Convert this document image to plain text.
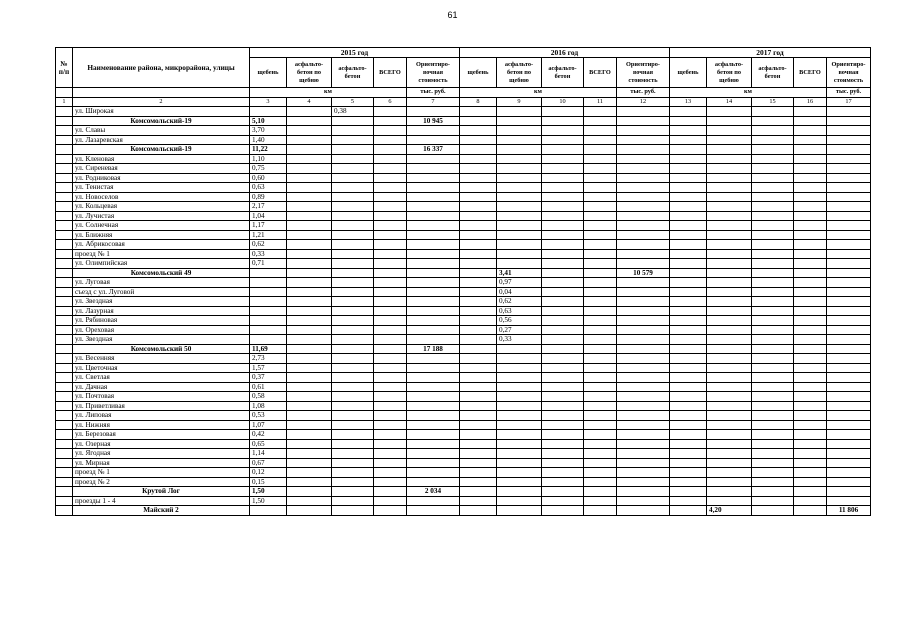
61
№ п/п	Наименование района, микрорайона, улицы	2015 год					2016 год					2017 год				
		щебень	асфальто-бетон по щебню	асфальто-бетон	ВСЕГО	Ориентиро-вочная стоимость	щебень	асфальто-бетон по щебню	асфальто-бетон	ВСЕГО	Ориентиро-вочная стоимость	щебень	асфальто-бетон по щебню	асфальто-бетон	ВСЕГО	Ориентиро-вочная стоимость
		км				тыс. руб.	км				тыс. руб.	км				тыс. руб.
1	2	3	4	5	6	7	8	9	10	11	12	13	14	15	16	17
	ул. Широкая			0,38												
	Комсомольский-19	5,10				10 945										
	ул. Славы	3,70														
	ул. Лазаревская	1,40														
	Комсомольский-19	11,22				16 337										
	ул. Кленовая	1,10														
	ул. Сиреневая	0,75														
	ул. Родниковая	0,60														
	ул. Тенистая	0,63														
	ул. Новоселов	0,89														
	ул. Кольцевая	2,17														
	ул. Лучистая	1,04														
	ул. Солнечная	1,17														
	ул. Ближняя	1,21														
	ул. Абрикосовая	0,62														
	проезд № 1	0,33														
	ул. Олимпийская	0,71														
	Комсомольский 49							3,41			10 579					
	ул. Луговая							0,97								
	съезд с ул. Луговой							0,04								
	ул. Звездная							0,62								
	ул. Лазурная							0,63								
	ул. Рябиновая							0,56								
	ул. Ореховая							0,27								
	ул. Звездная							0,33								
	Комсомольский 50	11,69				17 188										
	ул. Весенняя	2,73														
	ул. Цветочная	1,57														
	ул. Светлая	0,37														
	ул. Дачная	0,61														
	ул. Почтовая	0,58														
	ул. Приветливая	1,08														
	ул. Липовая	0,53														
	ул. Нижняя	1,07														
	ул. Березовая	0,42														
	ул. Озерная	0,65														
	ул. Ягодная	1,14														
	ул. Мирная	0,67														
	проезд № 1	0,12														
	проезд № 2	0,15														
	Крутой Лог	1,50				2 034										
	проезды 1 - 4	1,50														
	Майский 2												4,20			11 806
